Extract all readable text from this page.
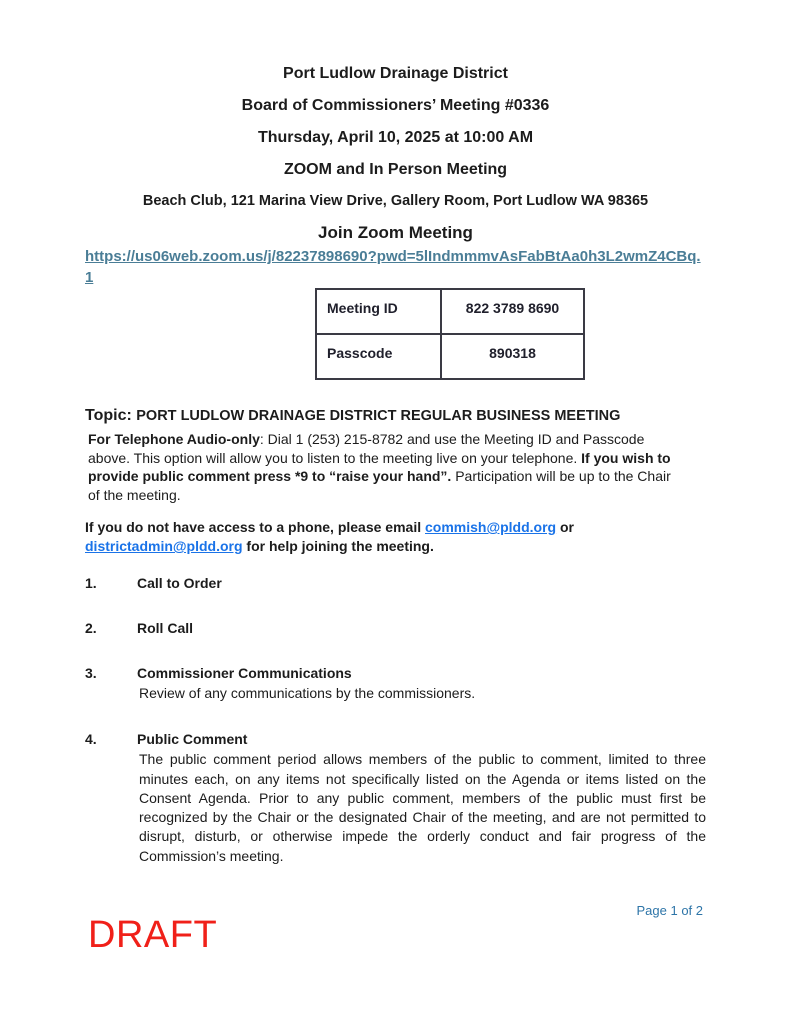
Port Ludlow Drainage District
Board of Commissioners’ Meeting #0336
Thursday, April 10, 2025 at 10:00 AM
ZOOM and In Person Meeting
Beach Club, 121 Marina View Drive, Gallery Room, Port Ludlow WA 98365
Join Zoom Meeting
https://us06web.zoom.us/j/82237898690?pwd=5lIndmmmvAsFabBtAa0h3L2wmZ4CBq.1
Meeting ID	822 3789 8690
Passcode	890318
Topic: PORT LUDLOW DRAINAGE DISTRICT REGULAR BUSINESS MEETING
For Telephone Audio-only: Dial 1 (253) 215-8782 and use the Meeting ID and Passcode above. This option will allow you to listen to the meeting live on your telephone. If you wish to provide public comment press *9 to “raise your hand”. Participation will be up to the Chair of the meeting.
If you do not have access to a phone, please email commish@pldd.org or districtadmin@pldd.org for help joining the meeting.
1.	Call to Order
2.	Roll Call
3.	Commissioner Communications
Review of any communications by the commissioners.
4.	Public Comment
The public comment period allows members of the public to comment, limited to three minutes each, on any items not specifically listed on the Agenda or items listed on the Consent Agenda. Prior to any public comment, members of the public must first be recognized by the Chair or the designated Chair of the meeting, and are not permitted to disrupt, disturb, or otherwise impede the orderly conduct and fair progress of the Commission’s meeting.
Page 1 of 2
DRAFT
